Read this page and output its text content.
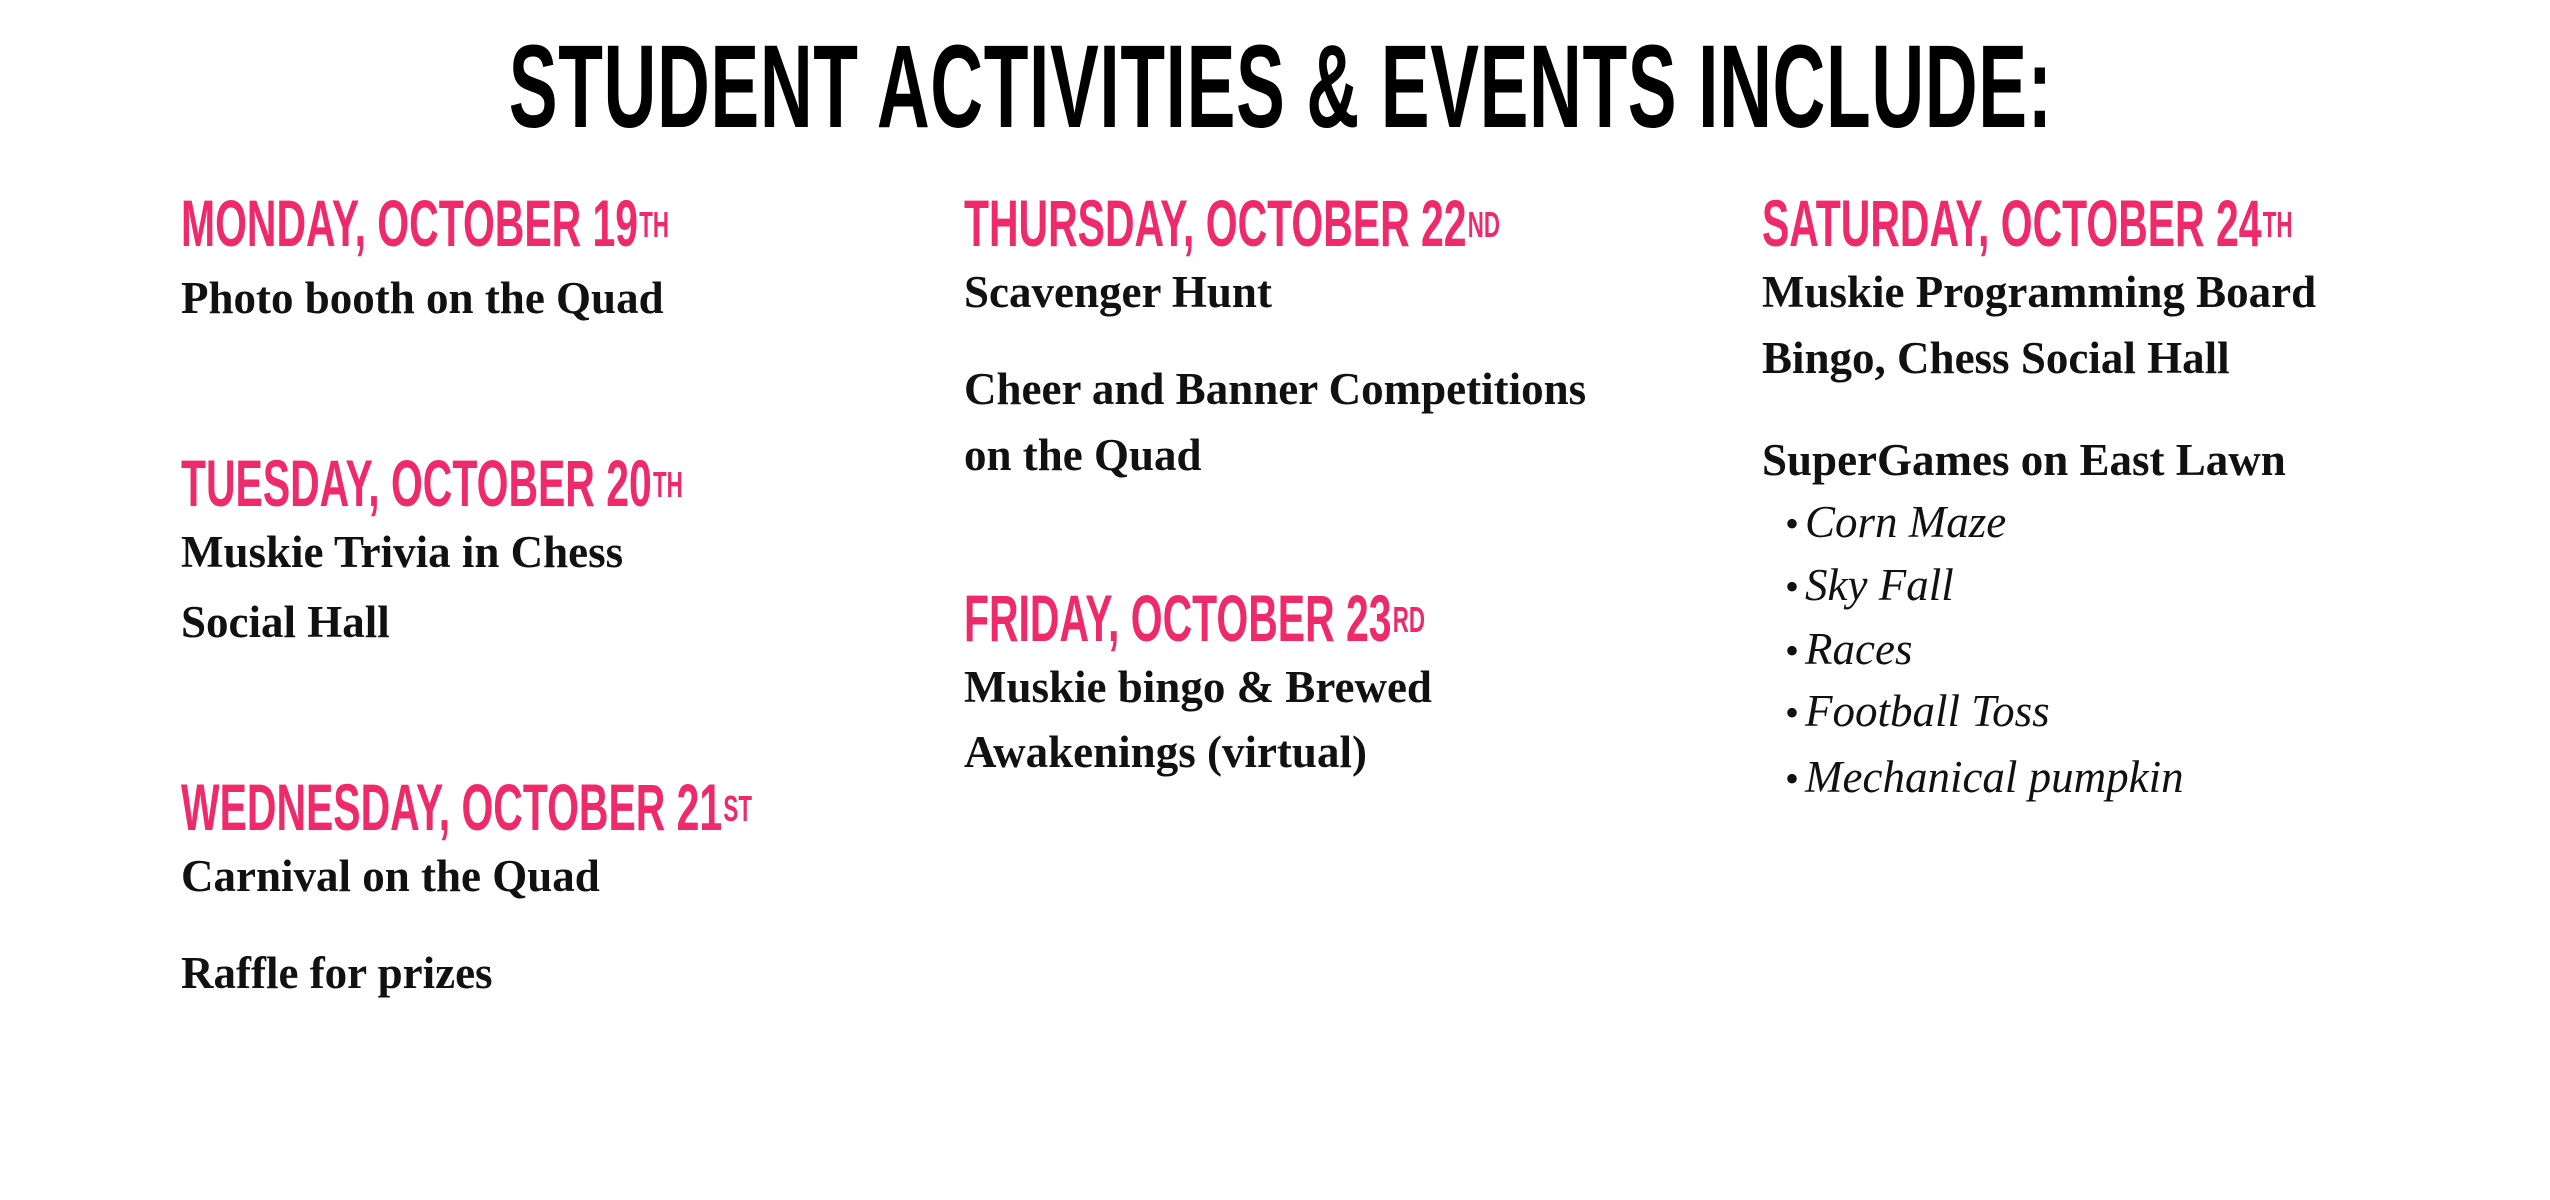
STUDENT ACTIVITIES & EVENTS INCLUDE:
MONDAY, OCTOBER 19TH
Photo booth on the Quad
TUESDAY, OCTOBER 20TH
Muskie Trivia in Chess
Social Hall
WEDNESDAY, OCTOBER 21ST
Carnival on the Quad
Raffle for prizes
THURSDAY, OCTOBER 22ND
Scavenger Hunt
Cheer and Banner Competitions
on the Quad
FRIDAY, OCTOBER 23RD
Muskie bingo & Brewed
Awakenings (virtual)
SATURDAY, OCTOBER 24TH
Muskie Programming Board
Bingo, Chess Social Hall
SuperGames on East Lawn
• Corn Maze
• Sky Fall
• Races
• Football Toss
• Mechanical pumpkin
